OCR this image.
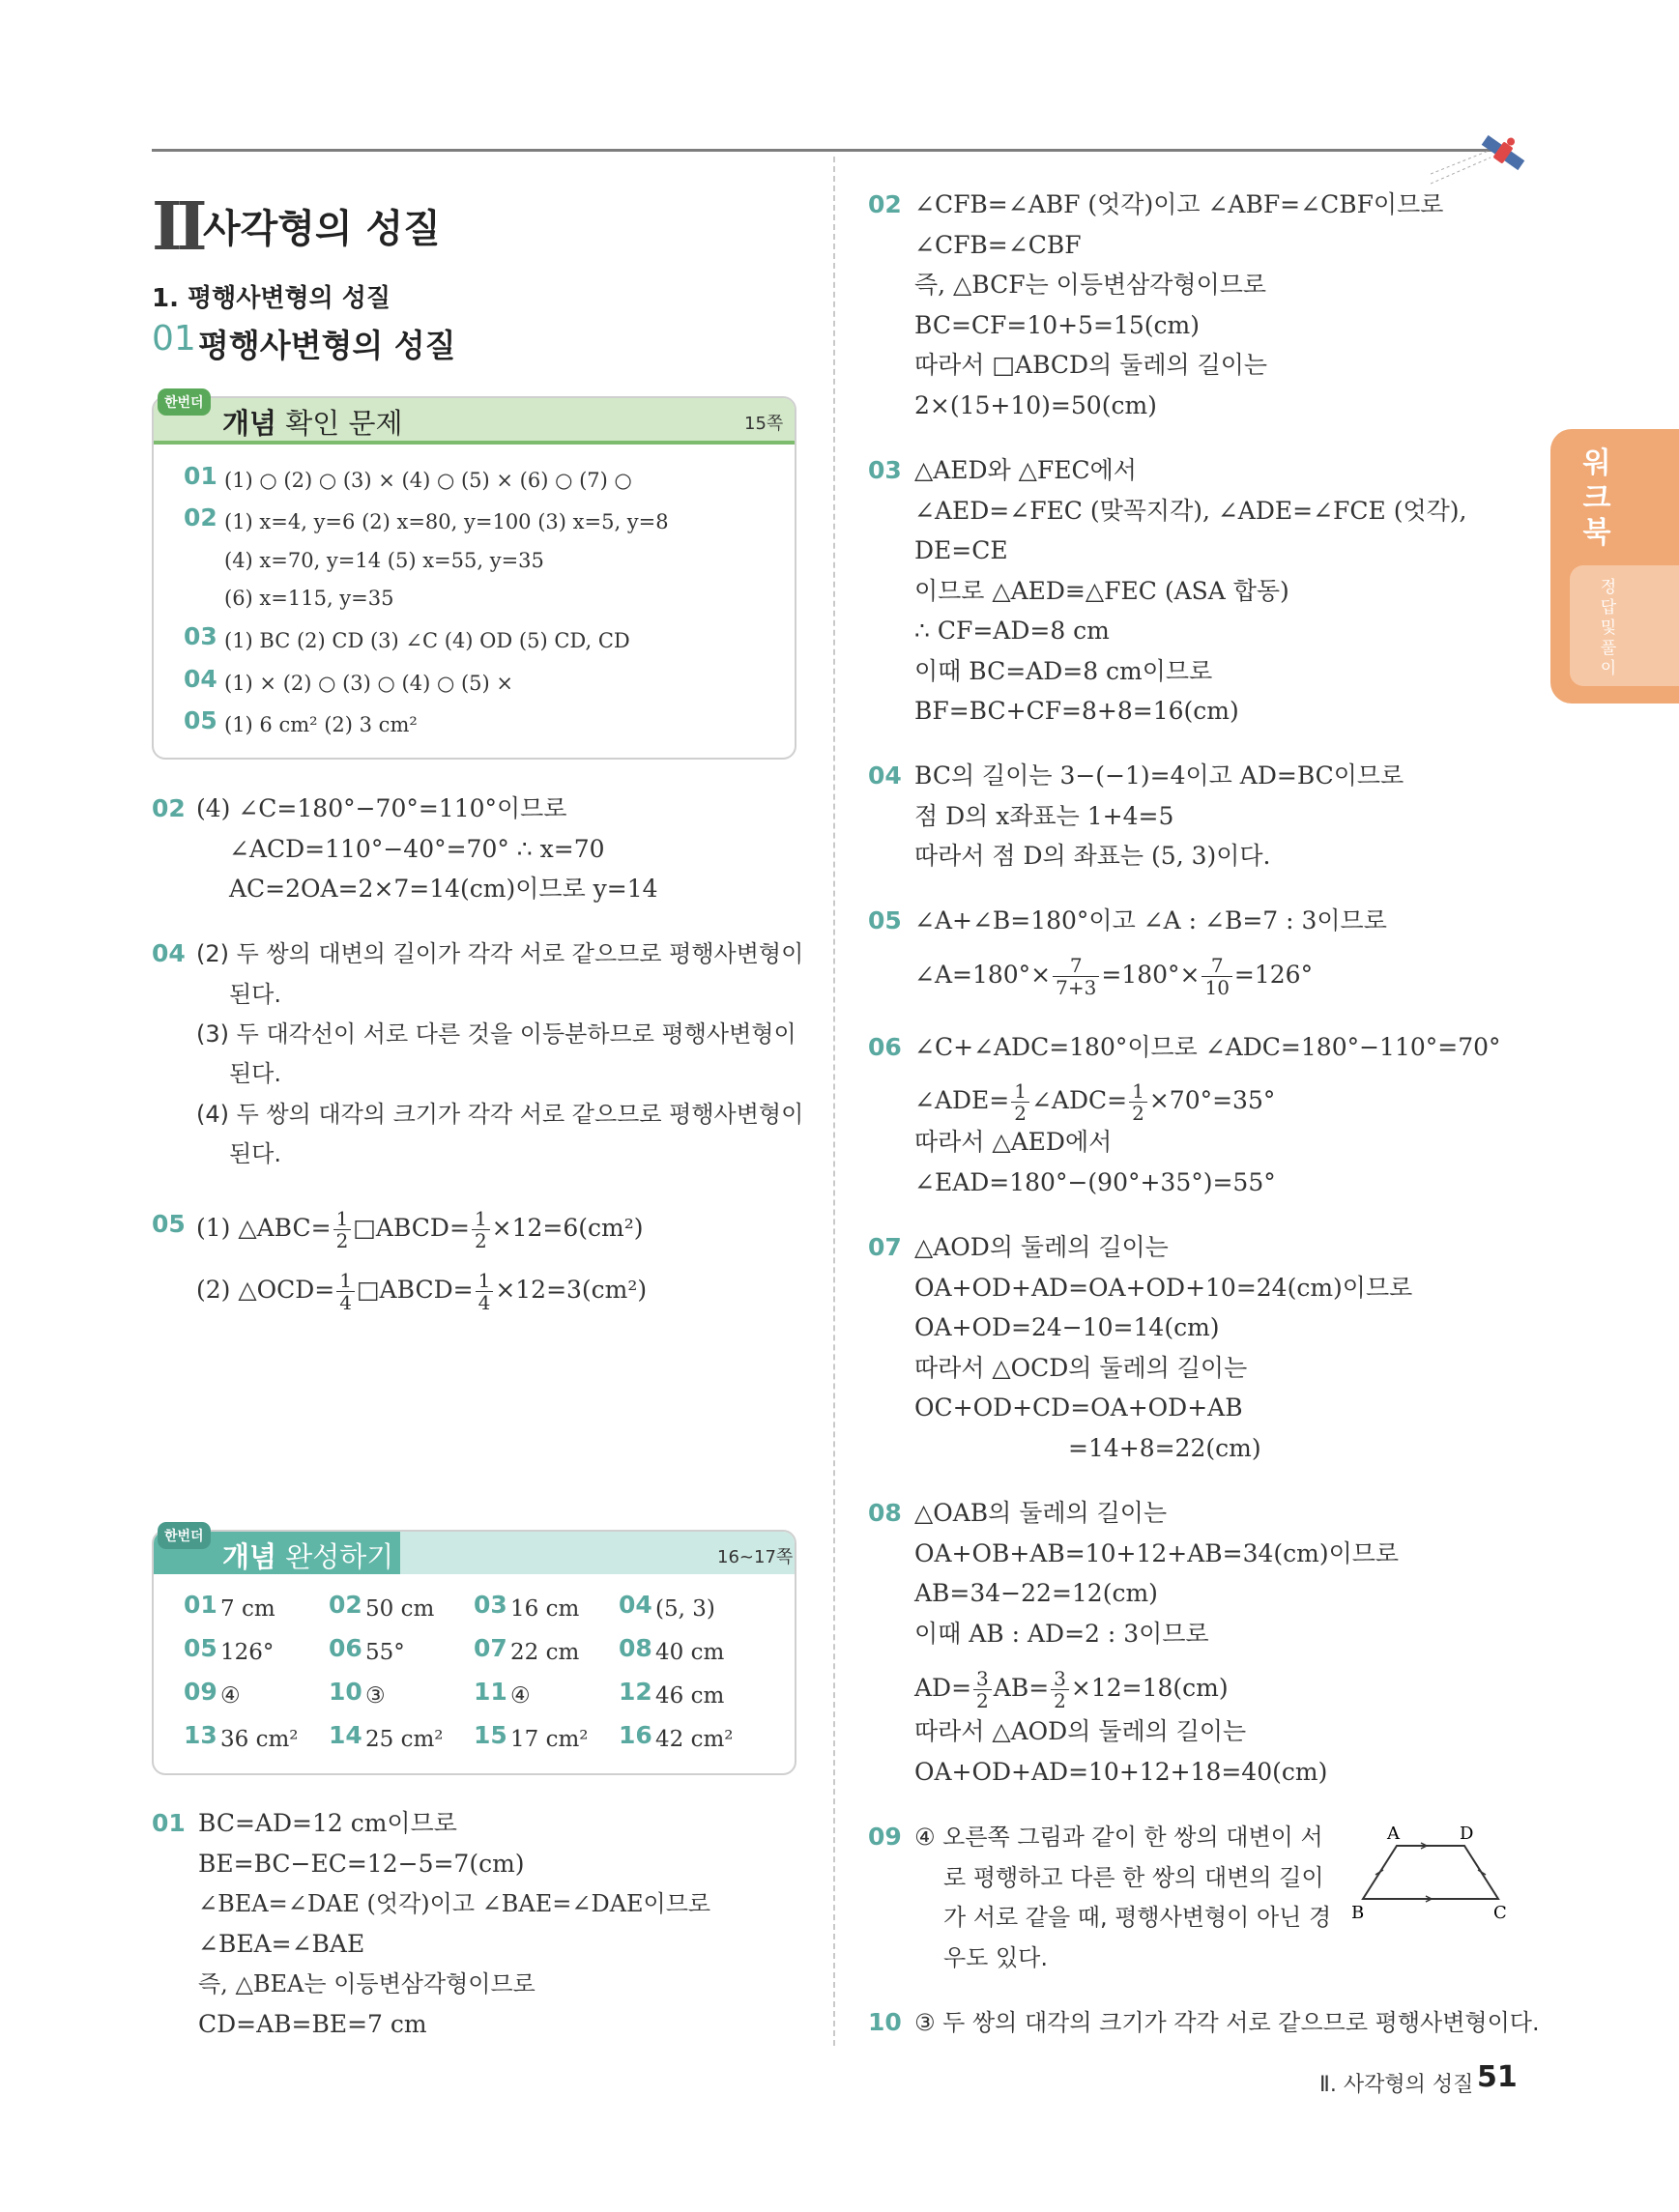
워크북
정답 및 풀이
II 사각형의 성질
1. 평행사변형의 성질
01 평행사변형의 성질
한번더
개념 확인 문제	15쪽
한번더
개념 완성하기	16~17쪽
A	D
B	C
Ⅱ. 사각형의 성질 51
01 (1) ○ (2) ○ (3) × (4) ○ (5) × (6) ○ (7) ○
02 (1) x=4, y=6 (2) x=80, y=100 (3) x=5, y=8
(4) x=70, y=14 (5) x=55, y=35
(6) x=115, y=35
03 (1) BC (2) CD (3) ∠C (4) OD (5) CD, CD
04 (1) × (2) ○ (3) ○ (4) ○ (5) ×
05 (1) 6 cm² (2) 3 cm²
02 (4) ∠C=180°−70°=110°이므로
∠ACD=110°−40°=70° ∴ x=70
AC=2OA=2×7=14(cm)이므로 y=14
04 (2) 두 쌍의 대변의 길이가 각각 서로 같으므로 평행사변형이
된다.
(3) 두 대각선이 서로 다른 것을 이등분하므로 평행사변형이
된다.
(4) 두 쌍의 대각의 크기가 각각 서로 같으므로 평행사변형이
된다.
05 (1) △ABC= $\frac{1}{2}$ □ABCD= $\frac{1}{2} \times 12=6(cm^2)$
(2) △OCD= $\frac{1}{4}$ □ABCD= $\frac{1}{4} \times 12=3(cm^2)$
01 7 cm 02 50 cm 03 16 cm 04 (5, 3)
05 126° 06 55°	07 22 cm 08 40 cm
09 ④	10 ③	11 ④	12 46 cm
13 36 cm² 14 25 cm² 15 17 cm² 16 42 cm²
01 BC=AD=12 cm이므로
BE=BC−EC=12−5=7(cm)
∠BEA=∠DAE (엇각)이고 ∠BAE=∠DAE이므로
∠BEA=∠BAE
즉, △BEA는 이등변삼각형이므로
CD=AB=BE=7 cm
02 ∠CFB=∠ABF (엇각)이고 ∠ABF=∠CBF이므로
∠CFB=∠CBF
즉, △BCF는 이등변삼각형이므로
BC=CF=10+5=15(cm)
따라서 □ABCD의 둘레의 길이는
2×(15+10)=50(cm)
03 △AED와 △FEC에서
∠AED=∠FEC (맞꼭지각), ∠ADE=∠FCE (엇각),
DE=CE
이므로 △AED≡△FEC (ASA 합동)
∴ CF=AD=8 cm
이때 BC=AD=8 cm이므로
BF=BC+CF=8+8=16(cm)
04 BC의 길이는 3−(−1)=4이고 AD=BC이므로
점 D의 x좌표는 1+4=5
따라서 점 D의 좌표는 (5, 3)이다.
05 ∠A+∠B=180°이고 ∠A : ∠B=7 : 3이므로
∠A=180°× $\frac{7}{7+3} =180^\circ\times \frac{7}{10} =126^\circ$
06 ∠C+∠ADC=180°이므로 ∠ADC=180°−110°=70°
∠ADE= $\frac{1}{2}$ ∠ADC= $\frac{1}{2} \times 70^\circ=35^\circ$
따라서 △AED에서
∠EAD=180°−(90°+35°)=55°
07 △AOD의 둘레의 길이는
OA+OD+AD=OA+OD+10=24(cm)이므로
OA+OD=24−10=14(cm)
따라서 △OCD의 둘레의 길이는
OC+OD+CD=OA+OD+AB
=14+8=22(cm)
08 △OAB의 둘레의 길이는
OA+OB+AB=10+12+AB=34(cm)이므로
AB=34−22=12(cm)
이때 AB : AD=2 : 3이므로
$AD= \frac{3}{2} AB= \frac{3}{2} \times 12=18(cm)$
따라서 △AOD의 둘레의 길이는
OA+OD+AD=10+12+18=40(cm)
09 ④ 오른쪽 그림과 같이 한 쌍의 대변이 서
로 평행하고 다른 한 쌍의 대변의 길이
가 서로 같을 때, 평행사변형이 아닌 경
우도 있다.
10 ③ 두 쌍의 대각의 크기가 각각 서로 같으므로 평행사변형이다.
